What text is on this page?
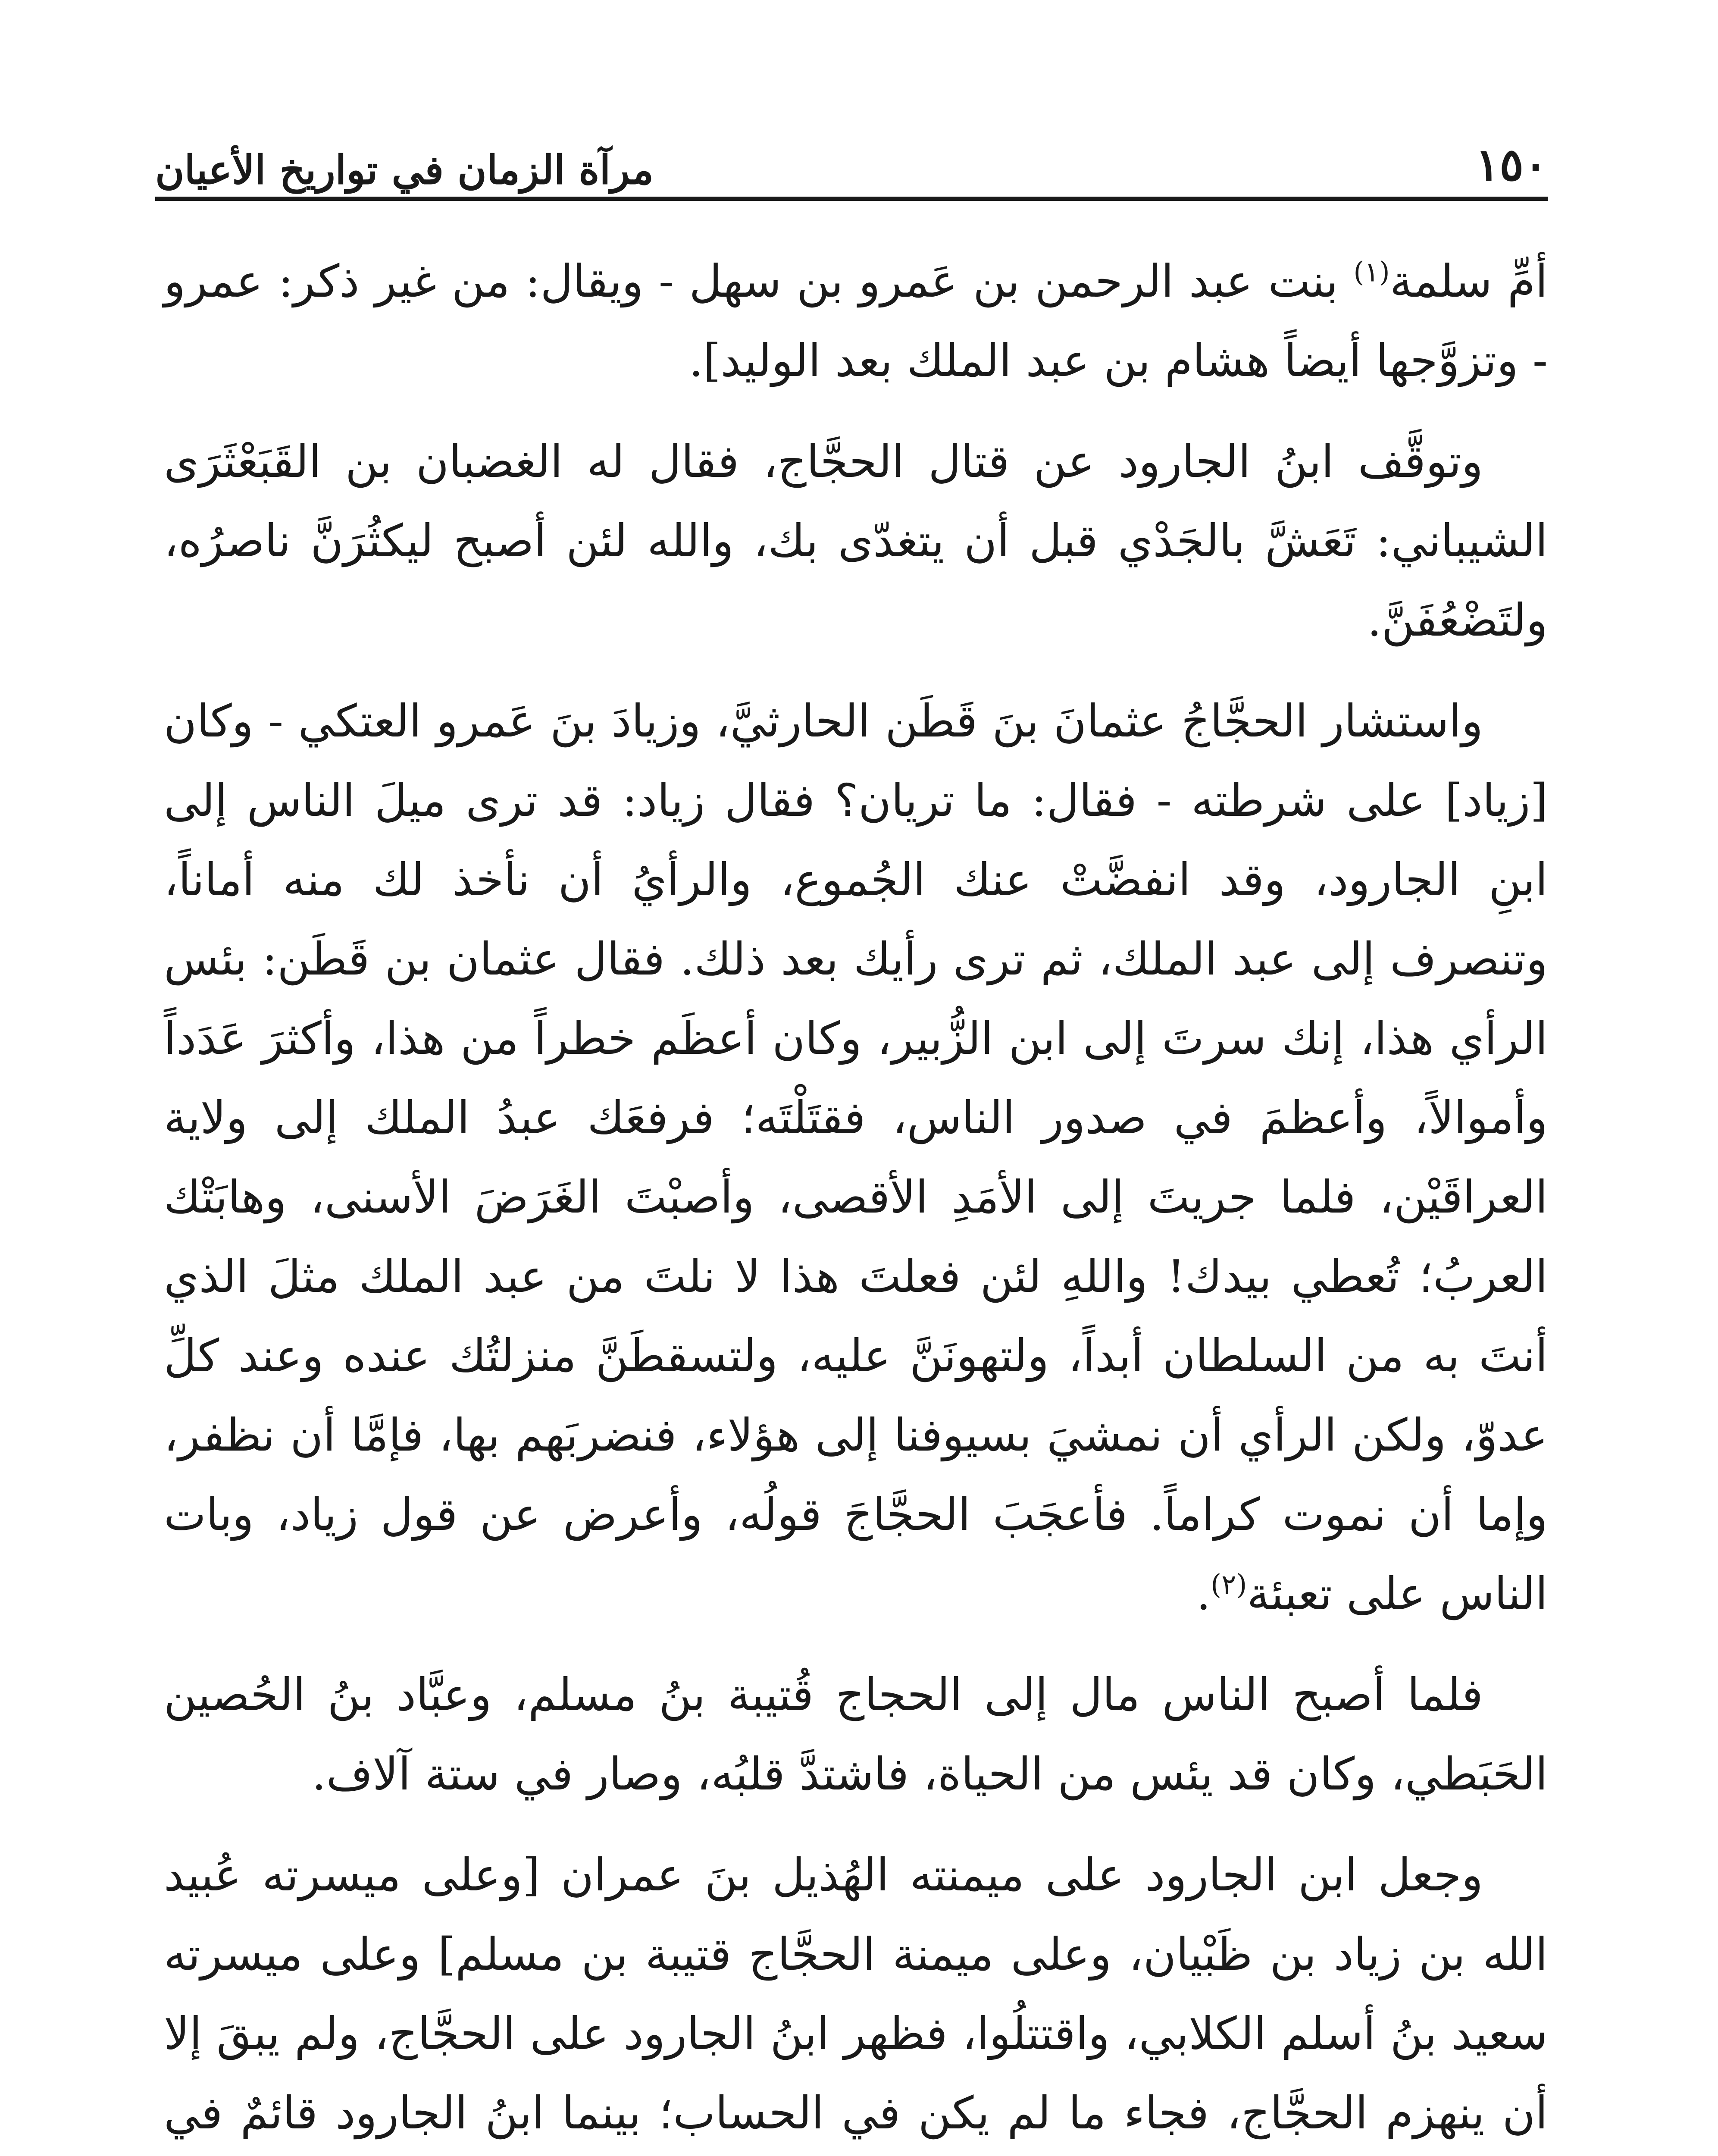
١٥٠
مرآة الزمان في تواريخ الأعيان

أمِّ سلمة$^{(١)}$ بنت عبد الرحمن بن عَمرو بن سهل - ويقال: من غير ذكر: عمرو - وتزوَّجها أيضاً هشام بن عبد الملك بعد الوليد].

وتوقَّف ابنُ الجارود عن قتال الحجَّاج، فقال له الغضبان بن القَبَعْثَرَى الشيباني: تَعَشَّ بالجَدْي قبل أن يتغدّى بك، والله لئن أصبح ليكثُرَنَّ ناصرُه، ولتَضْعُفَنَّ.

واستشار الحجَّاجُ عثمانَ بنَ قَطَن الحارثيَّ، وزيادَ بنَ عَمرو العتكي - وكان [زياد] على شرطته - فقال: ما تريان؟ فقال زياد: قد ترى ميلَ الناس إلى ابنِ الجارود، وقد انفضَّتْ عنك الجُموع، والرأيُ أن نأخذ لك منه أماناً، وتنصرف إلى عبد الملك، ثم ترى رأيك بعد ذلك. فقال عثمان بن قَطَن: بئس الرأي هذا، إنك سرتَ إلى ابن الزُّبير، وكان أعظَم خطراً من هذا، وأكثرَ عَدَداً وأموالاً، وأعظمَ في صدور الناس، فقتَلْتَه؛ فرفعَك عبدُ الملك إلى ولاية العراقَيْن، فلما جريتَ إلى الأمَدِ الأقصى، وأصبْتَ الغَرَضَ الأسنى، وهابَتْك العربُ؛ تُعطي بيدك! واللهِ لئن فعلتَ هذا لا نلتَ من عبد الملك مثلَ الذي أنتَ به من السلطان أبداً، ولتهونَنَّ عليه، ولتسقطَنَّ منزلتُك عنده وعند كلِّ عدوّ، ولكن الرأي أن نمشيَ بسيوفنا إلى هؤلاء، فنضربَهم بها، فإمَّا أن نظفر، وإما أن نموت كراماً. فأعجَبَ الحجَّاجَ قولُه، وأعرض عن قول زياد، وبات الناس على تعبئة$^{(٢)}$.

فلما أصبح الناس مال إلى الحجاج قُتيبة بنُ مسلم، وعبَّاد بنُ الحُصين الحَبَطي، وكان قد يئس من الحياة، فاشتدَّ قلبُه، وصار في ستة آلاف.

وجعل ابن الجارود على ميمنته الهُذيل بنَ عمران [وعلى ميسرته عُبيد الله بن زياد بن ظَبْيان، وعلى ميمنة الحجَّاج قتيبة بن مسلم] وعلى ميسرته سعيد بنُ أسلم الكلابي، واقتتلُوا، فظهر ابنُ الجارود على الحجَّاج، ولم يبقَ إلا أن ينهزم الحجَّاج، فجاء ما لم يكن في الحساب؛ بينما ابنُ الجارود قائمٌ في
